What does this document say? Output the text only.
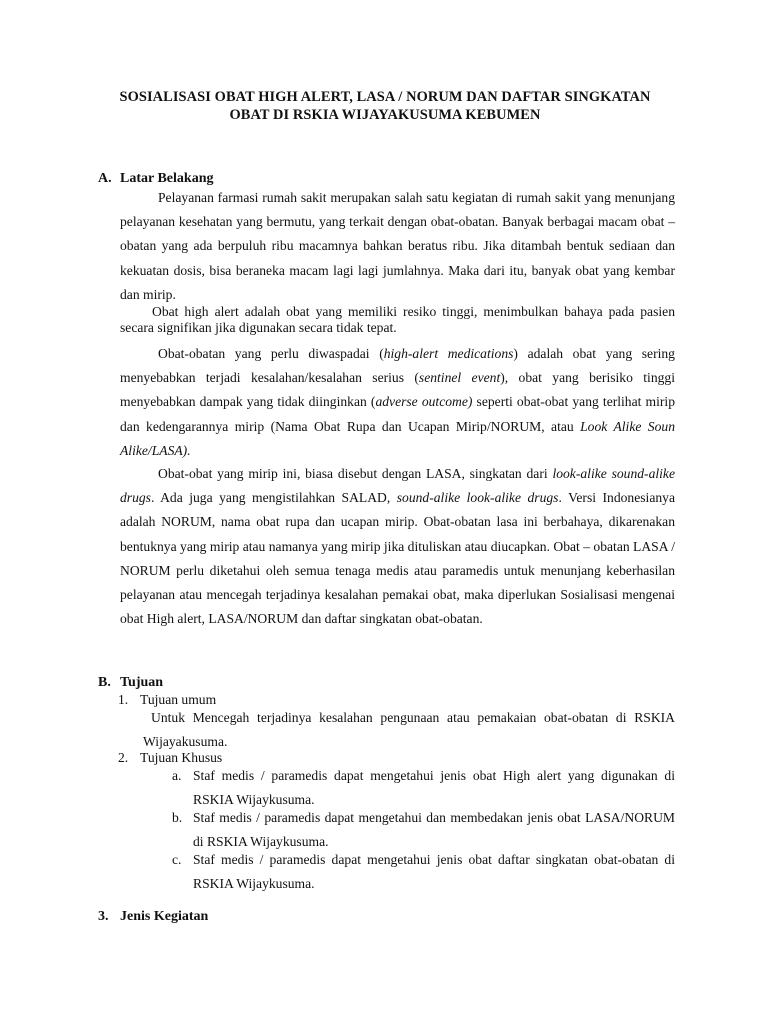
SOSIALISASI OBAT HIGH ALERT, LASA / NORUM DAN DAFTAR SINGKATAN
OBAT DI RSKIA WIJAYAKUSUMA KEBUMEN
A. Latar Belakang
Pelayanan farmasi rumah sakit merupakan salah satu kegiatan di rumah sakit yang menunjang pelayanan kesehatan yang bermutu, yang terkait dengan obat-obatan. Banyak berbagai macam obat – obatan yang ada berpuluh ribu macamnya bahkan beratus ribu. Jika ditambah bentuk sediaan dan kekuatan dosis, bisa beraneka macam lagi lagi jumlahnya. Maka dari itu, banyak obat yang kembar dan mirip.
Obat high alert adalah obat yang memiliki resiko tinggi, menimbulkan bahaya pada pasien secara signifikan jika digunakan secara tidak tepat.
Obat-obatan yang perlu diwaspadai (high-alert medications) adalah obat yang sering menyebabkan terjadi kesalahan/kesalahan serius (sentinel event), obat yang berisiko tinggi menyebabkan dampak yang tidak diinginkan (adverse outcome) seperti obat-obat yang terlihat mirip dan kedengarannya mirip (Nama Obat Rupa dan Ucapan Mirip/NORUM, atau Look Alike Soun Alike/LASA).
Obat-obat yang mirip ini, biasa disebut dengan LASA, singkatan dari look-alike sound-alike drugs. Ada juga yang mengistilahkan SALAD, sound-alike look-alike drugs. Versi Indonesianya adalah NORUM, nama obat rupa dan ucapan mirip. Obat-obatan lasa ini berbahaya, dikarenakan bentuknya yang mirip atau namanya yang mirip jika dituliskan atau diucapkan. Obat – obatan LASA / NORUM perlu diketahui oleh semua tenaga medis atau paramedis untuk menunjang keberhasilan pelayanan atau mencegah terjadinya kesalahan pemakai obat, maka diperlukan Sosialisasi mengenai obat High alert, LASA/NORUM dan daftar singkatan obat-obatan.
B. Tujuan
1. Tujuan umum
Untuk Mencegah terjadinya kesalahan pengunaan atau pemakaian obat-obatan di RSKIA Wijayakusuma.
2. Tujuan Khusus
a. Staf medis / paramedis dapat mengetahui jenis obat High alert yang digunakan di RSKIA Wijaykusuma.
b. Staf medis / paramedis dapat mengetahui dan membedakan jenis obat LASA/NORUM di RSKIA Wijaykusuma.
c. Staf medis / paramedis dapat mengetahui jenis obat daftar singkatan obat-obatan di RSKIA Wijaykusuma.
3. Jenis Kegiatan
